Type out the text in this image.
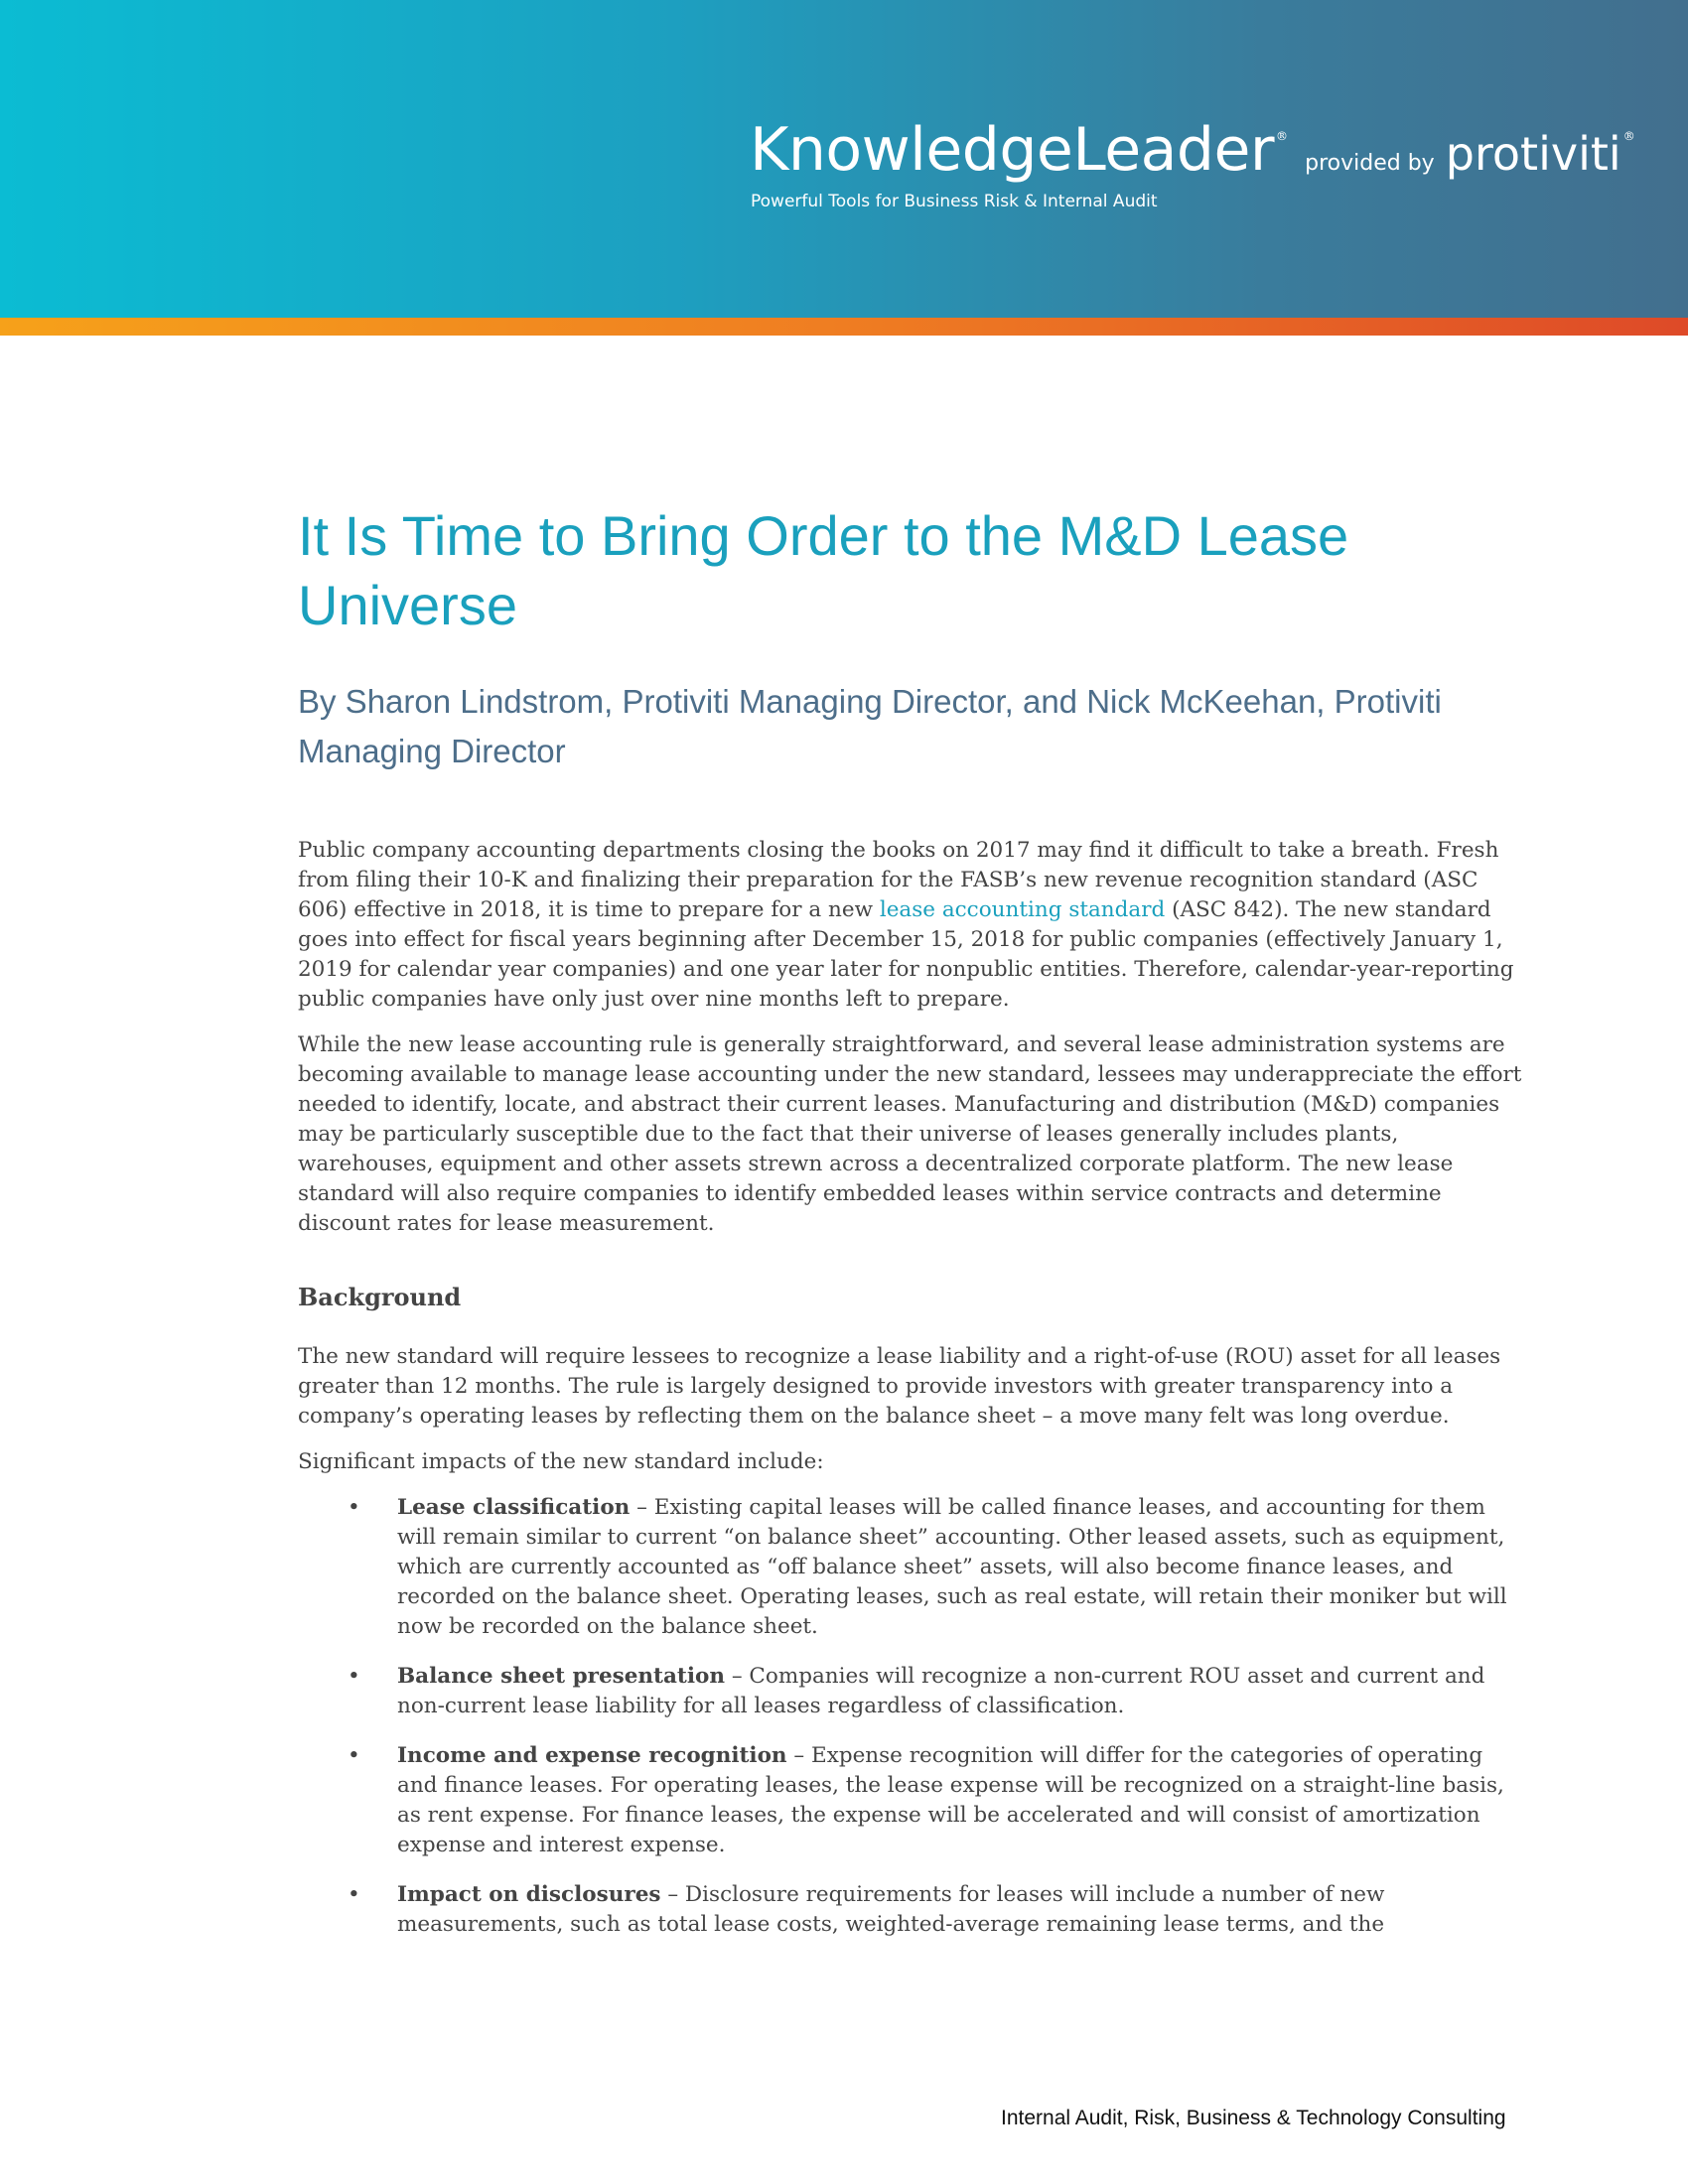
KnowledgeLeader ® provided by protiviti ®
Powerful Tools for Business Risk & Internal Audit
It Is Time to Bring Order to the M&D Lease Universe

By Sharon Lindstrom, Protiviti Managing Director, and Nick McKeehan, Protiviti Managing Director

Public company accounting departments closing the books on 2017 may find it difficult to take a breath. Fresh from filing their 10-K and finalizing their preparation for the FASB’s new revenue recognition standard (ASC 606) effective in 2018, it is time to prepare for a new lease accounting standard (ASC 842). The new standard goes into effect for fiscal years beginning after December 15, 2018 for public companies (effectively January 1, 2019 for calendar year companies) and one year later for nonpublic entities. Therefore, calendar-year-reporting public companies have only just over nine months left to prepare.

While the new lease accounting rule is generally straightforward, and several lease administration systems are becoming available to manage lease accounting under the new standard, lessees may underappreciate the effort needed to identify, locate, and abstract their current leases. Manufacturing and distribution (M&D) companies may be particularly susceptible due to the fact that their universe of leases generally includes plants, warehouses, equipment and other assets strewn across a decentralized corporate platform. The new lease standard will also require companies to identify embedded leases within service contracts and determine discount rates for lease measurement.

Background

The new standard will require lessees to recognize a lease liability and a right-of-use (ROU) asset for all leases greater than 12 months. The rule is largely designed to provide investors with greater transparency into a company’s operating leases by reflecting them on the balance sheet – a move many felt was long overdue.

Significant impacts of the new standard include:

• Lease classification – Existing capital leases will be called finance leases, and accounting for them will remain similar to current “on balance sheet” accounting. Other leased assets, such as equipment, which are currently accounted as “off balance sheet” assets, will also become finance leases, and recorded on the balance sheet. Operating leases, such as real estate, will retain their moniker but will now be recorded on the balance sheet.
• Balance sheet presentation – Companies will recognize a non-current ROU asset and current and non-current lease liability for all leases regardless of classification.
• Income and expense recognition – Expense recognition will differ for the categories of operating and finance leases. For operating leases, the lease expense will be recognized on a straight-line basis, as rent expense. For finance leases, the expense will be accelerated and will consist of amortization expense and interest expense.
• Impact on disclosures – Disclosure requirements for leases will include a number of new measurements, such as total lease costs, weighted-average remaining lease terms, and the
Internal Audit, Risk, Business & Technology Consulting
